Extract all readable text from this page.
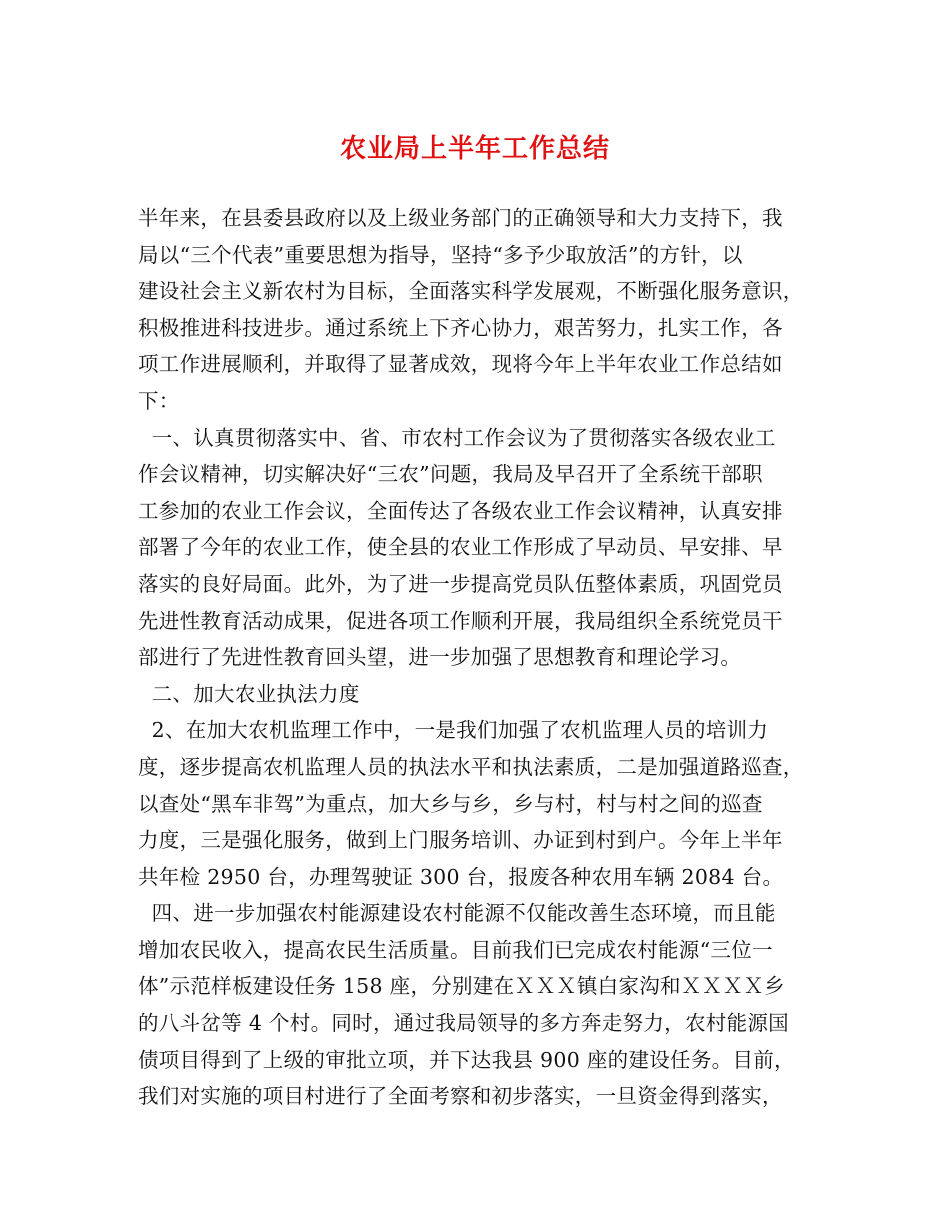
农业局上半年工作总结
半年来，在县委县政府以及上级业务部门的正确领导和大力支持下，我
局以“三个代表”重要思想为指导，坚持“多予少取放活”的方针，以
建设社会主义新农村为目标，全面落实科学发展观，不断强化服务意识，
积极推进科技进步。通过系统上下齐心协力，艰苦努力，扎实工作，各
项工作进展顺利，并取得了显著成效，现将今年上半年农业工作总结如
下：
一、认真贯彻落实中、省、市农村工作会议为了贯彻落实各级农业工
作会议精神，切实解决好“三农”问题，我局及早召开了全系统干部职
工参加的农业工作会议，全面传达了各级农业工作会议精神，认真安排
部署了今年的农业工作，使全县的农业工作形成了早动员、早安排、早
落实的良好局面。此外，为了进一步提高党员队伍整体素质，巩固党员
先进性教育活动成果，促进各项工作顺利开展，我局组织全系统党员干
部进行了先进性教育回头望，进一步加强了思想教育和理论学习。
二、加大农业执法力度
2、在加大农机监理工作中，一是我们加强了农机监理人员的培训力
度，逐步提高农机监理人员的执法水平和执法素质，二是加强道路巡查，
以查处“黑车非驾”为重点，加大乡与乡，乡与村，村与村之间的巡查
力度，三是强化服务，做到上门服务培训、办证到村到户。今年上半年
共年检 2950 台，办理驾驶证 300 台，报废各种农用车辆 2084 台。
四、进一步加强农村能源建设农村能源不仅能改善生态环境，而且能
增加农民收入，提高农民生活质量。目前我们已完成农村能源“三位一
体”示范样板建设任务 158 座，分别建在ＸＸＸ镇白家沟和ＸＸＸＸ乡
的八斗岔等 4 个村。同时，通过我局领导的多方奔走努力，农村能源国
债项目得到了上级的审批立项，并下达我县 900 座的建设任务。目前，
我们对实施的项目村进行了全面考察和初步落实，一旦资金得到落实，
